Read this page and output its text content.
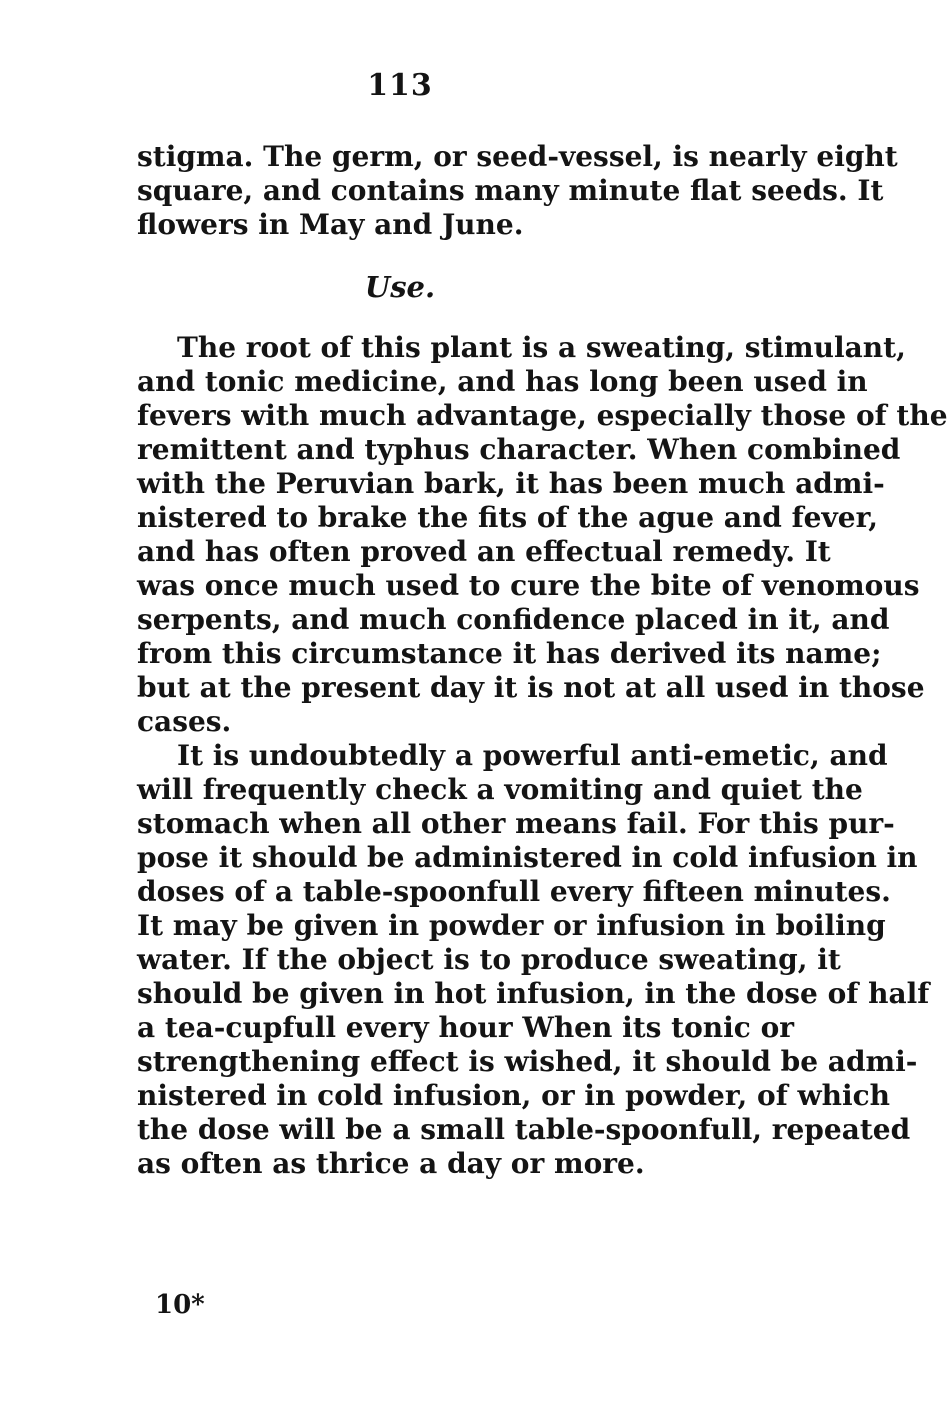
113
stigma. The germ, or seed-vessel, is nearly eight
square, and contains many minute flat seeds. It
flowers in May and June.
Use.
The root of this plant is a sweating, stimulant,
and tonic medicine, and has long been used in
fevers with much advantage, especially those of the
remittent and typhus character. When combined
with the Peruvian bark, it has been much admi-
nistered to brake the fits of the ague and fever,
and has often proved an effectual remedy. It
was once much used to cure the bite of venomous
serpents, and much confidence placed in it, and
from this circumstance it has derived its name;
but at the present day it is not at all used in those
cases.
It is undoubtedly a powerful anti-emetic, and
will frequently check a vomiting and quiet the
stomach when all other means fail. For this pur-
pose it should be administered in cold infusion in
doses of a table-spoonfull every fifteen minutes.
It may be given in powder or infusion in boiling
water. If the object is to produce sweating, it
should be given in hot infusion, in the dose of half
a tea-cupfull every hour When its tonic or
strengthening effect is wished, it should be admi-
nistered in cold infusion, or in powder, of which
the dose will be a small table-spoonfull, repeated
as often as thrice a day or more.
10*
